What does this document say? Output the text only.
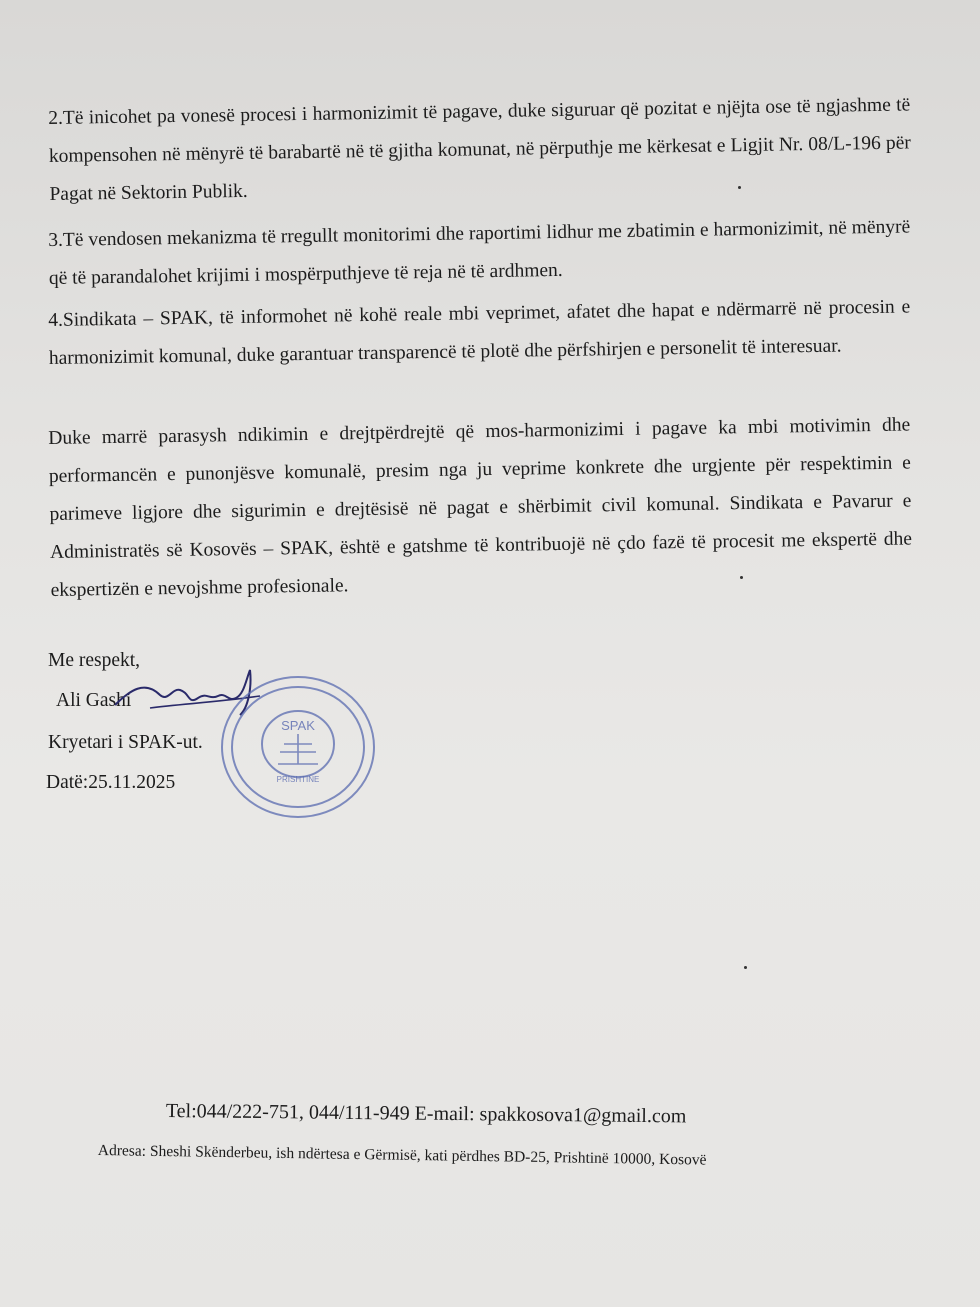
2.Të inicohet pa vonesë procesi i harmonizimit të pagave, duke siguruar që pozitat e njëjta ose të ngjashme të kompensohen në mënyrë të barabartë në të gjitha komunat, në përputhje me kërkesat e Ligjit Nr. 08/L-196 për Pagat në Sektorin Publik.
3.Të vendosen mekanizma të rregullt monitorimi dhe raportimi lidhur me zbatimin e harmonizimit, në mënyrë që të parandalohet krijimi i mospërputhjeve të reja në të ardhmen.
4.Sindikata – SPAK, të informohet në kohë reale mbi veprimet, afatet dhe hapat e ndërmarrë në procesin e harmonizimit komunal, duke garantuar transparencë të plotë dhe përfshirjen e personelit të interesuar.
Duke marrë parasysh ndikimin e drejtpërdrejtë që mos-harmonizimi i pagave ka mbi motivimin dhe performancën e punonjësve komunalë, presim nga ju veprime konkrete dhe urgjente për respektimin e parimeve ligjore dhe sigurimin e drejtësisë në pagat e shërbimit civil komunal. Sindikata e Pavarur e Administratës së Kosovës – SPAK, është e gatshme të kontribuojë në çdo fazë të procesit me ekspertë dhe ekspertizën e nevojshme profesionale.
Me respekt,
Ali Gashi
Kryetari i SPAK-ut.
Datë:25.11.2025
SPAK
PRISHTINE
Tel:044/222-751, 044/111-949 E-mail: spakkosova1@gmail.com
Adresa: Sheshi Skënderbeu, ish ndërtesa e Gërmisë, kati përdhes BD-25, Prishtinë 10000, Kosovë
